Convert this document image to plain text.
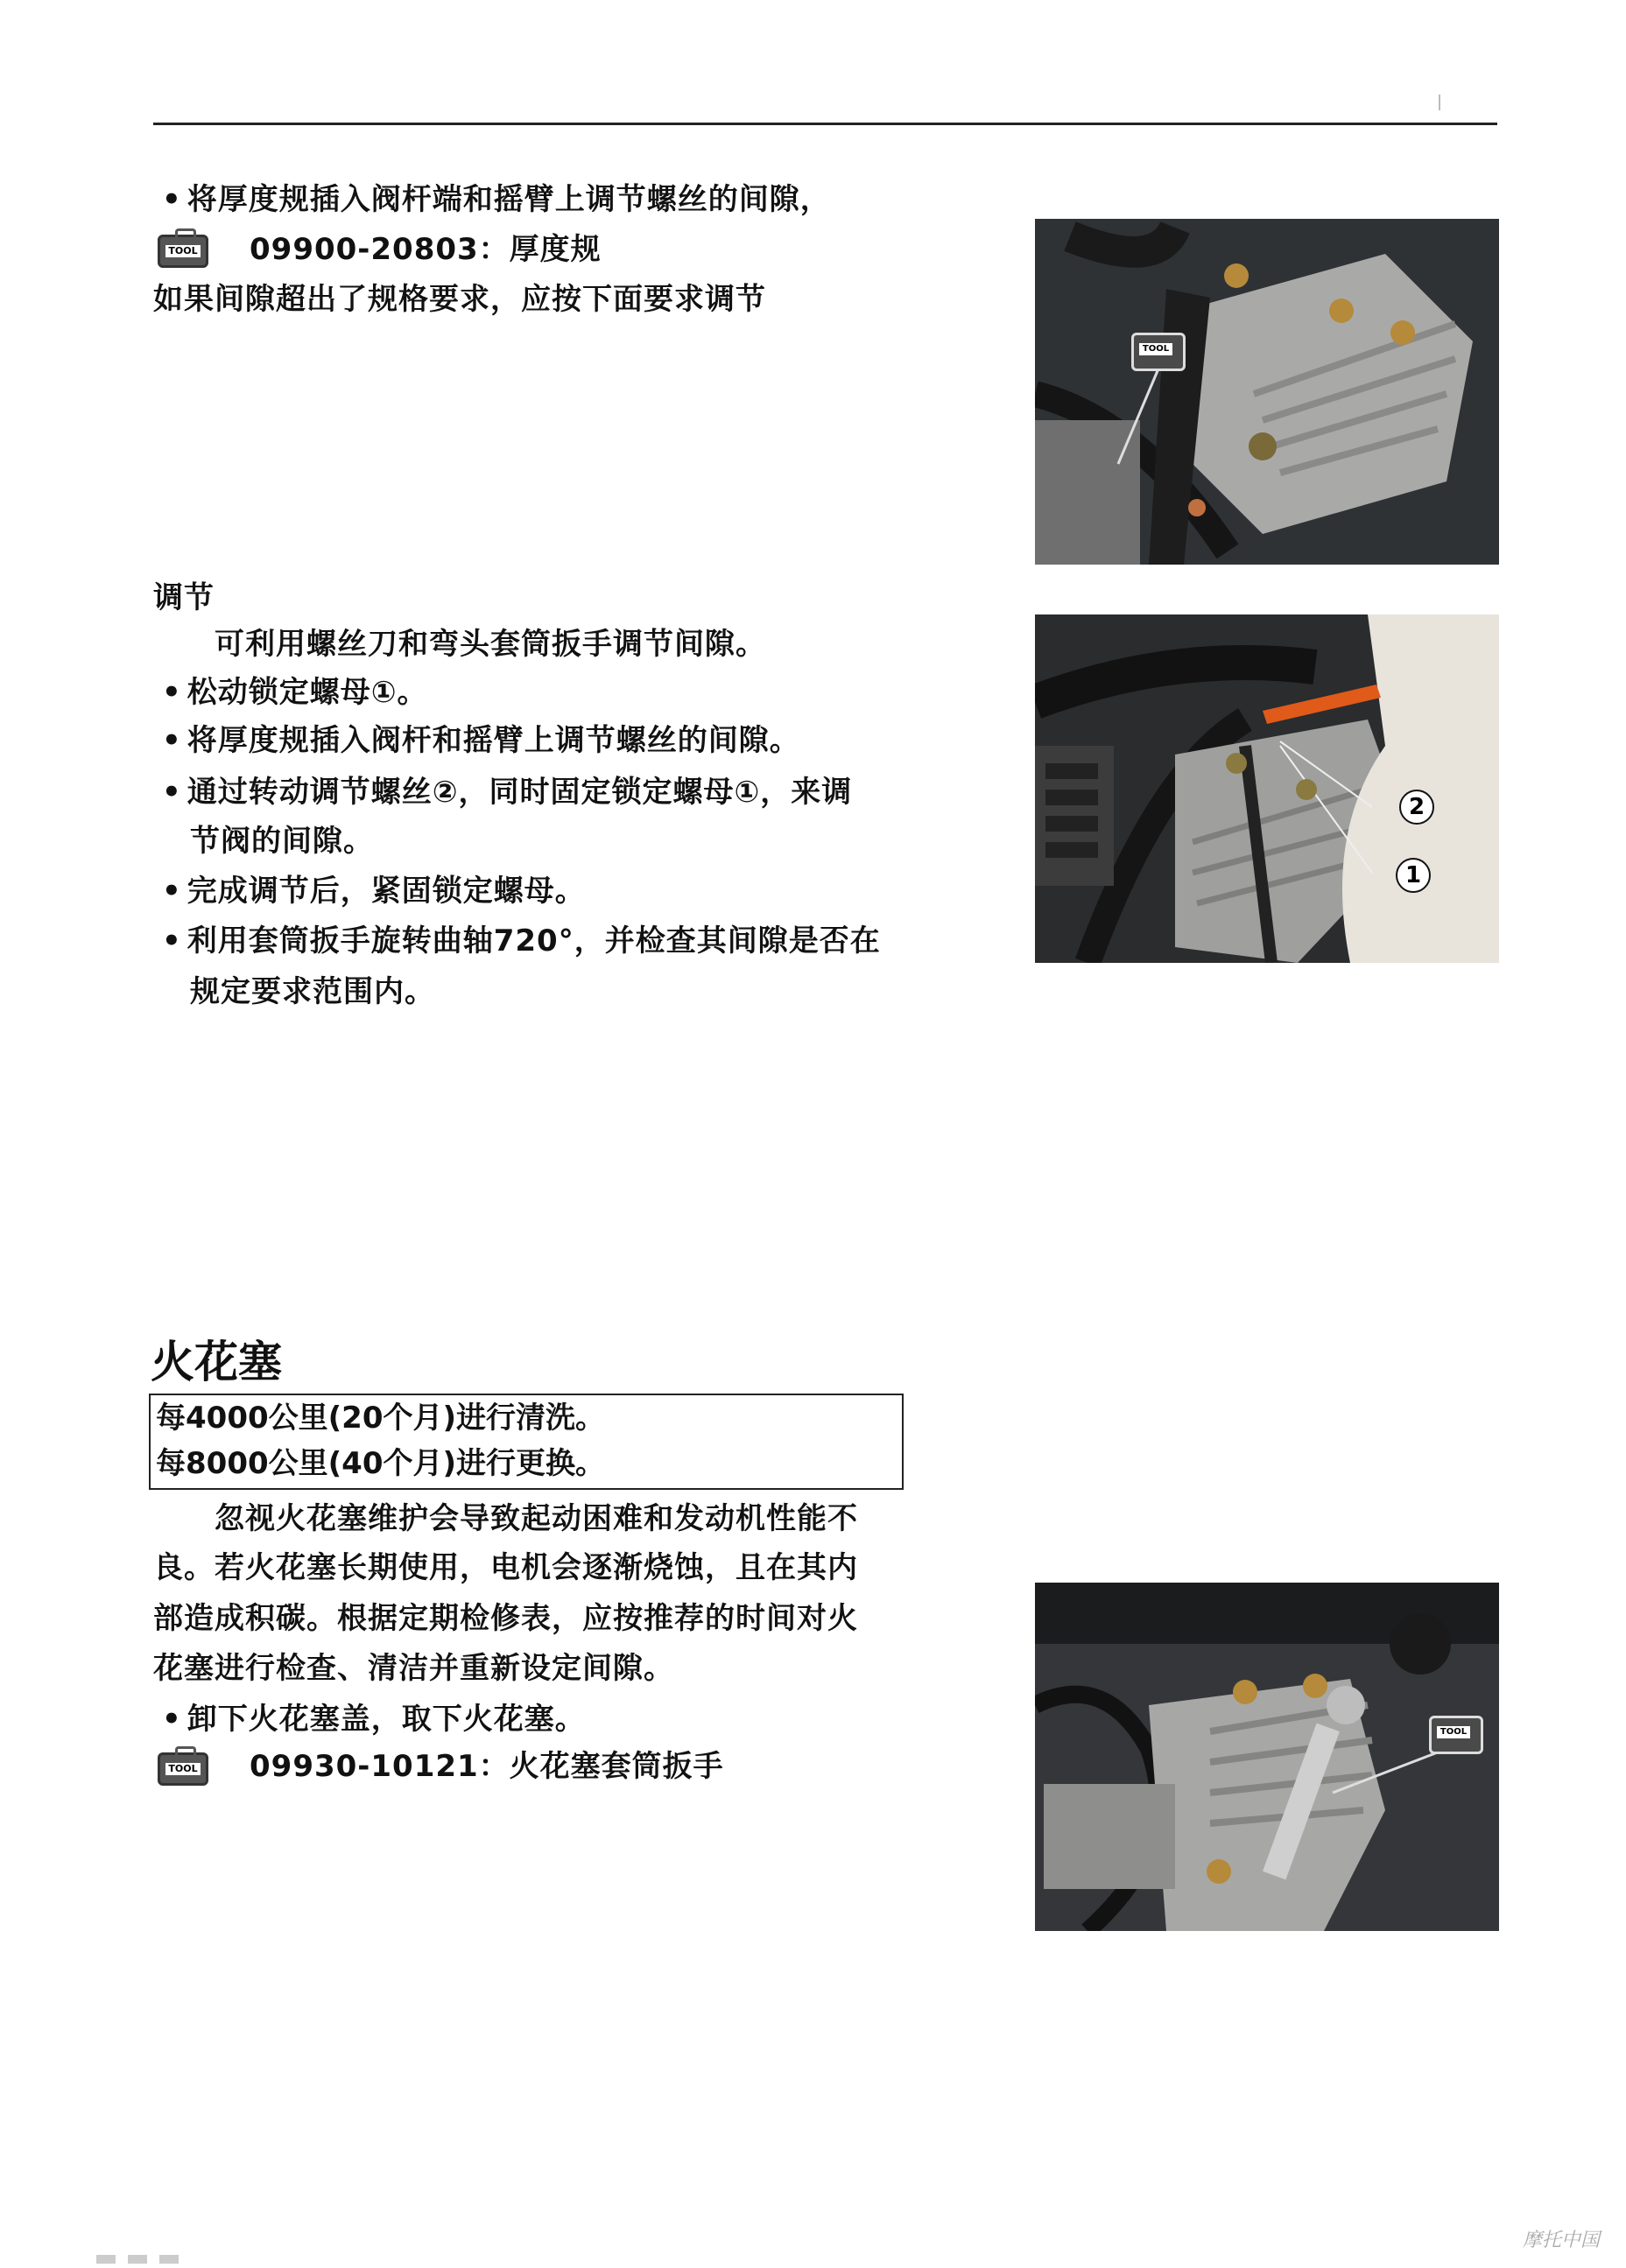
• 将厚度规插入阀杆端和摇臂上调节螺丝的间隙，
TOOL 09900-20803：厚度规
如果间隙超出了规格要求，应按下面要求调节
TOOL
调节
可利用螺丝刀和弯头套筒扳手调节间隙。
• 松动锁定螺母①。
• 将厚度规插入阀杆和摇臂上调节螺丝的间隙。
• 通过转动调节螺丝②，同时固定锁定螺母①，来调
节阀的间隙。
• 完成调节后，紧固锁定螺母。
• 利用套筒扳手旋转曲轴720°，并检查其间隙是否在
规定要求范围内。
2
1
火花塞
每4000公里(20个月)进行清洗。
每8000公里(40个月)进行更换。
忽视火花塞维护会导致起动困难和发动机性能不
良。若火花塞长期使用，电机会逐渐烧蚀，且在其内
部造成积碳。根据定期检修表，应按推荐的时间对火
花塞进行检查、清洁并重新设定间隙。
• 卸下火花塞盖，取下火花塞。
TOOL 09930-10121：火花塞套筒扳手
TOOL
摩托中国
